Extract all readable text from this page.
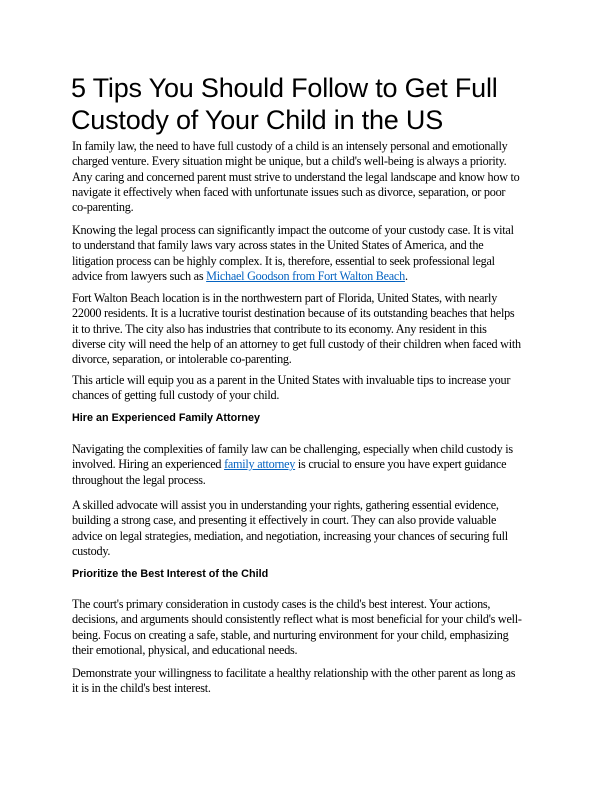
5 Tips You Should Follow to Get Full
Custody of Your Child in the US
In family law, the need to have full custody of a child is an intensely personal and emotionally
charged venture. Every situation might be unique, but a child's well-being is always a priority.
Any caring and concerned parent must strive to understand the legal landscape and know how to
navigate it effectively when faced with unfortunate issues such as divorce, separation, or poor
co-parenting.
Knowing the legal process can significantly impact the outcome of your custody case. It is vital
to understand that family laws vary across states in the United States of America, and the
litigation process can be highly complex. It is, therefore, essential to seek professional legal
advice from lawyers such as Michael Goodson from Fort Walton Beach.
Fort Walton Beach location is in the northwestern part of Florida, United States, with nearly
22000 residents. It is a lucrative tourist destination because of its outstanding beaches that helps
it to thrive. The city also has industries that contribute to its economy. Any resident in this
diverse city will need the help of an attorney to get full custody of their children when faced with
divorce, separation, or intolerable co-parenting.
This article will equip you as a parent in the United States with invaluable tips to increase your
chances of getting full custody of your child.
Hire an Experienced Family Attorney
Navigating the complexities of family law can be challenging, especially when child custody is
involved. Hiring an experienced family attorney is crucial to ensure you have expert guidance
throughout the legal process.
A skilled advocate will assist you in understanding your rights, gathering essential evidence,
building a strong case, and presenting it effectively in court. They can also provide valuable
advice on legal strategies, mediation, and negotiation, increasing your chances of securing full
custody.
Prioritize the Best Interest of the Child
The court's primary consideration in custody cases is the child's best interest. Your actions,
decisions, and arguments should consistently reflect what is most beneficial for your child's well-
being. Focus on creating a safe, stable, and nurturing environment for your child, emphasizing
their emotional, physical, and educational needs.
Demonstrate your willingness to facilitate a healthy relationship with the other parent as long as
it is in the child's best interest.
